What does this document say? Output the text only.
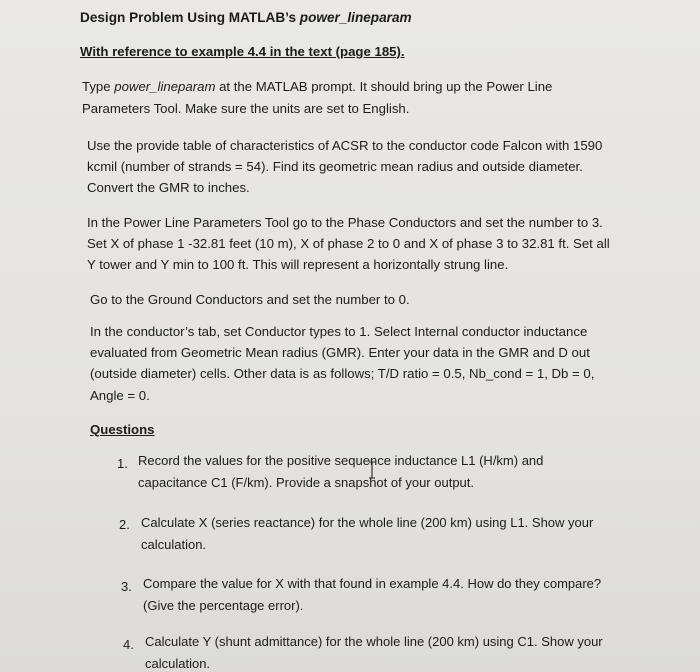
Design Problem Using MATLAB’s power_lineparam
With reference to example 4.4 in the text (page 185).
Type power_lineparam at the MATLAB prompt. It should bring up the Power Line
Parameters Tool. Make sure the units are set to English.
Use the provide table of characteristics of ACSR to the conductor code Falcon with 1590
kcmil (number of strands = 54). Find its geometric mean radius and outside diameter.
Convert the GMR to inches.
In the Power Line Parameters Tool go to the Phase Conductors and set the number to 3.
Set X of phase 1 -32.81 feet (10 m), X of phase 2 to 0 and X of phase 3 to 32.81 ft. Set all
Y tower and Y min to 100 ft. This will represent a horizontally strung line.
Go to the Ground Conductors and set the number to 0.
In the conductor’s tab, set Conductor types to 1. Select Internal conductor inductance
evaluated from Geometric Mean radius (GMR). Enter your data in the GMR and D out
(outside diameter) cells. Other data is as follows; T/D ratio = 0.5, Nb_cond = 1, Db = 0,
Angle = 0.
Questions
1. Record the values for the positive sequence inductance L1 (H/km) and
capacitance C1 (F/km). Provide a snapshot of your output.
2. Calculate X (series reactance) for the whole line (200 km) using L1. Show your
calculation.
3. Compare the value for X with that found in example 4.4. How do they compare?
(Give the percentage error).
4. Calculate Y (shunt admittance) for the whole line (200 km) using C1. Show your
calculation.
